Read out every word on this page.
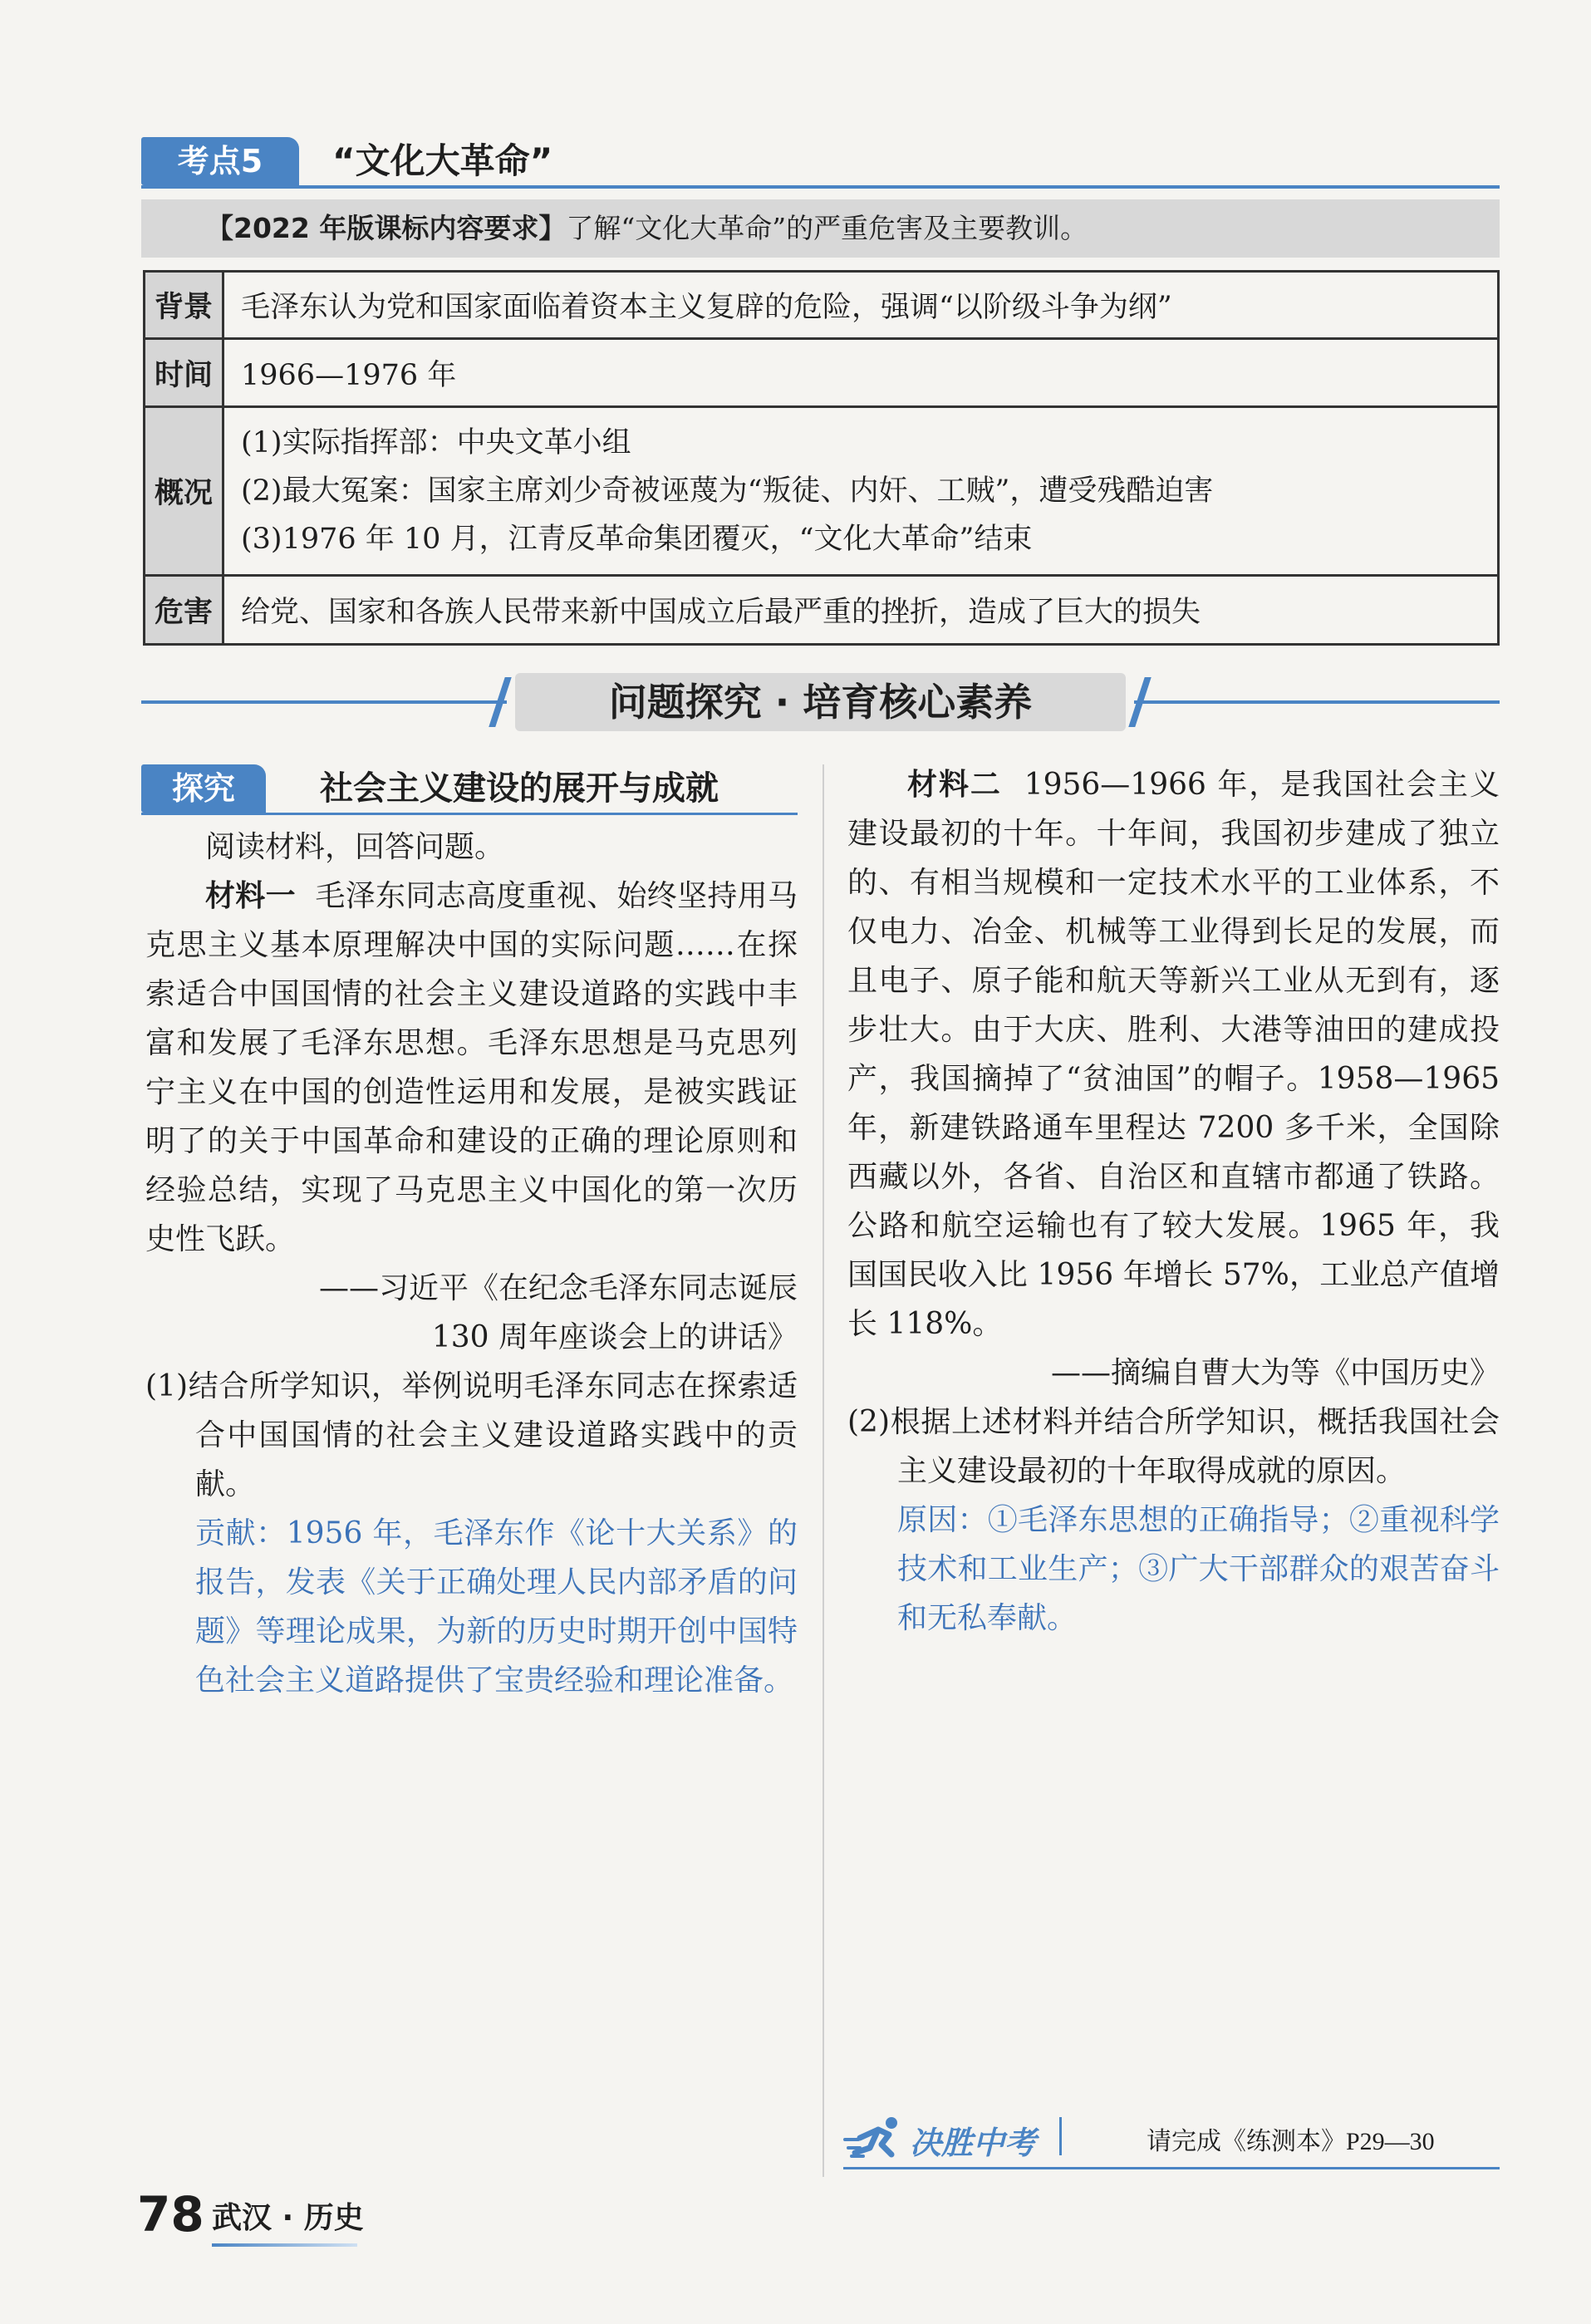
考点5	“文化大革命”
【2022 年版课标内容要求】了解“文化大革命”的严重危害及主要教训。
背景	毛泽东认为党和国家面临着资本主义复辟的危险，强调“以阶级斗争为纲”
时间	1966—1976 年
概况	(1)实际指挥部：中央文革小组
(2)最大冤案：国家主席刘少奇被诬蔑为“叛徒、内奸、工贼”，遭受残酷迫害
(3)1976 年 10 月，江青反革命集团覆灭，“文化大革命”结束

危害	给党、国家和各族人民带来新中国成立后最严重的挫折，造成了巨大的损失
问题探究 · 培育核心素养
探究	社会主义建设的展开与成就

阅读材料，回答问题。

材料一 毛泽东同志高度重视、始终坚持用马克思主义基本原理解决中国的实际问题……在探索适合中国国情的社会主义建设道路的实践中丰富和发展了毛泽东思想。毛泽东思想是马克思列宁主义在中国的创造性运用和发展，是被实践证明了的关于中国革命和建设的正确的理论原则和经验总结，实现了马克思主义中国化的第一次历史性飞跃。

——习近平《在纪念毛泽东同志诞辰

130 周年座谈会上的讲话》

(1)结合所学知识，举例说明毛泽东同志在探索适合中国国情的社会主义建设道路实践中的贡献。

贡献：1956 年，毛泽东作《论十大关系》的报告，发表《关于正确处理人民内部矛盾的问题》等理论成果，为新的历史时期开创中国特色社会主义道路提供了宝贵经验和理论准备。

材料二 1956—1966 年，是我国社会主义建设最初的十年。十年间，我国初步建成了独立的、有相当规模和一定技术水平的工业体系，不仅电力、冶金、机械等工业得到长足的发展，而且电子、原子能和航天等新兴工业从无到有，逐步壮大。由于大庆、胜利、大港等油田的建成投产，我国摘掉了“贫油国”的帽子。1958—1965 年，新建铁路通车里程达 7200 多千米，全国除西藏以外，各省、自治区和直辖市都通了铁路。公路和航空运输也有了较大发展。1965 年，我国国民收入比 1956 年增长 57%，工业总产值增长 118%。

——摘编自曹大为等《中国历史》

(2)根据上述材料并结合所学知识，概括我国社会主义建设最初的十年取得成就的原因。

原因：①毛泽东思想的正确指导；②重视科学技术和工业生产；③广大干部群众的艰苦奋斗和无私奉献。

决胜中考	请完成《练测本》P29—30
78 武汉 · 历史
